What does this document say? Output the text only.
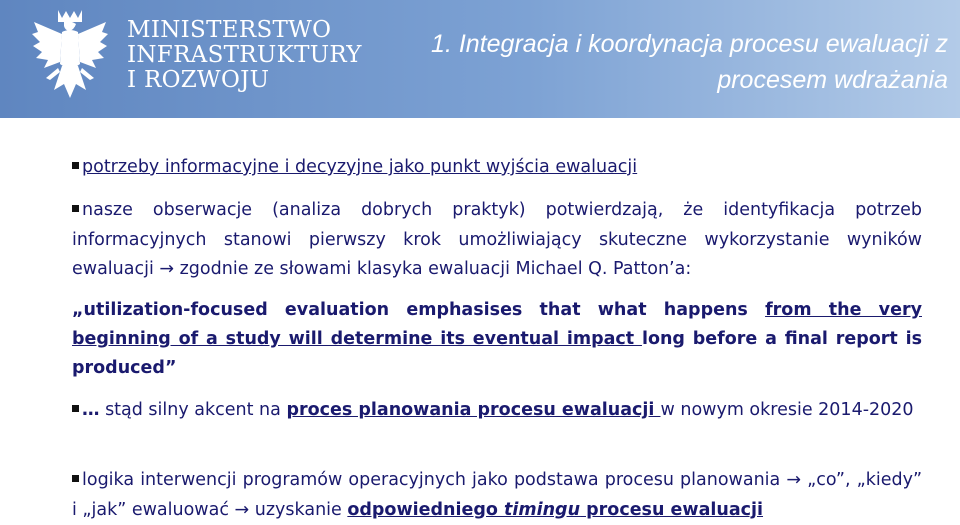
MINISTERSTWO
INFRASTRUKTURY
I ROZWOJU
1. Integracja i koordynacja procesu ewaluacji z
procesem wdrażania
potrzeby informacyjne i decyzyjne jako punkt wyjścia ewaluacji
nasze obserwacje (analiza dobrych praktyk) potwierdzają, że identyfikacja potrzeb informacyjnych stanowi pierwszy krok umożliwiający skuteczne wykorzystanie wyników ewaluacji → zgodnie ze słowami klasyka ewaluacji Michael Q. Patton’a:
„utilization-focused evaluation emphasises that what happens from the very beginning of a study will determine its eventual impact long before a final report is produced”
… stąd silny akcent na proces planowania procesu ewaluacji w nowym okresie 2014-2020
logika interwencji programów operacyjnych jako podstawa procesu planowania → „co”, „kiedy” i „jak” ewaluować → uzyskanie odpowiedniego timingu procesu ewaluacji
